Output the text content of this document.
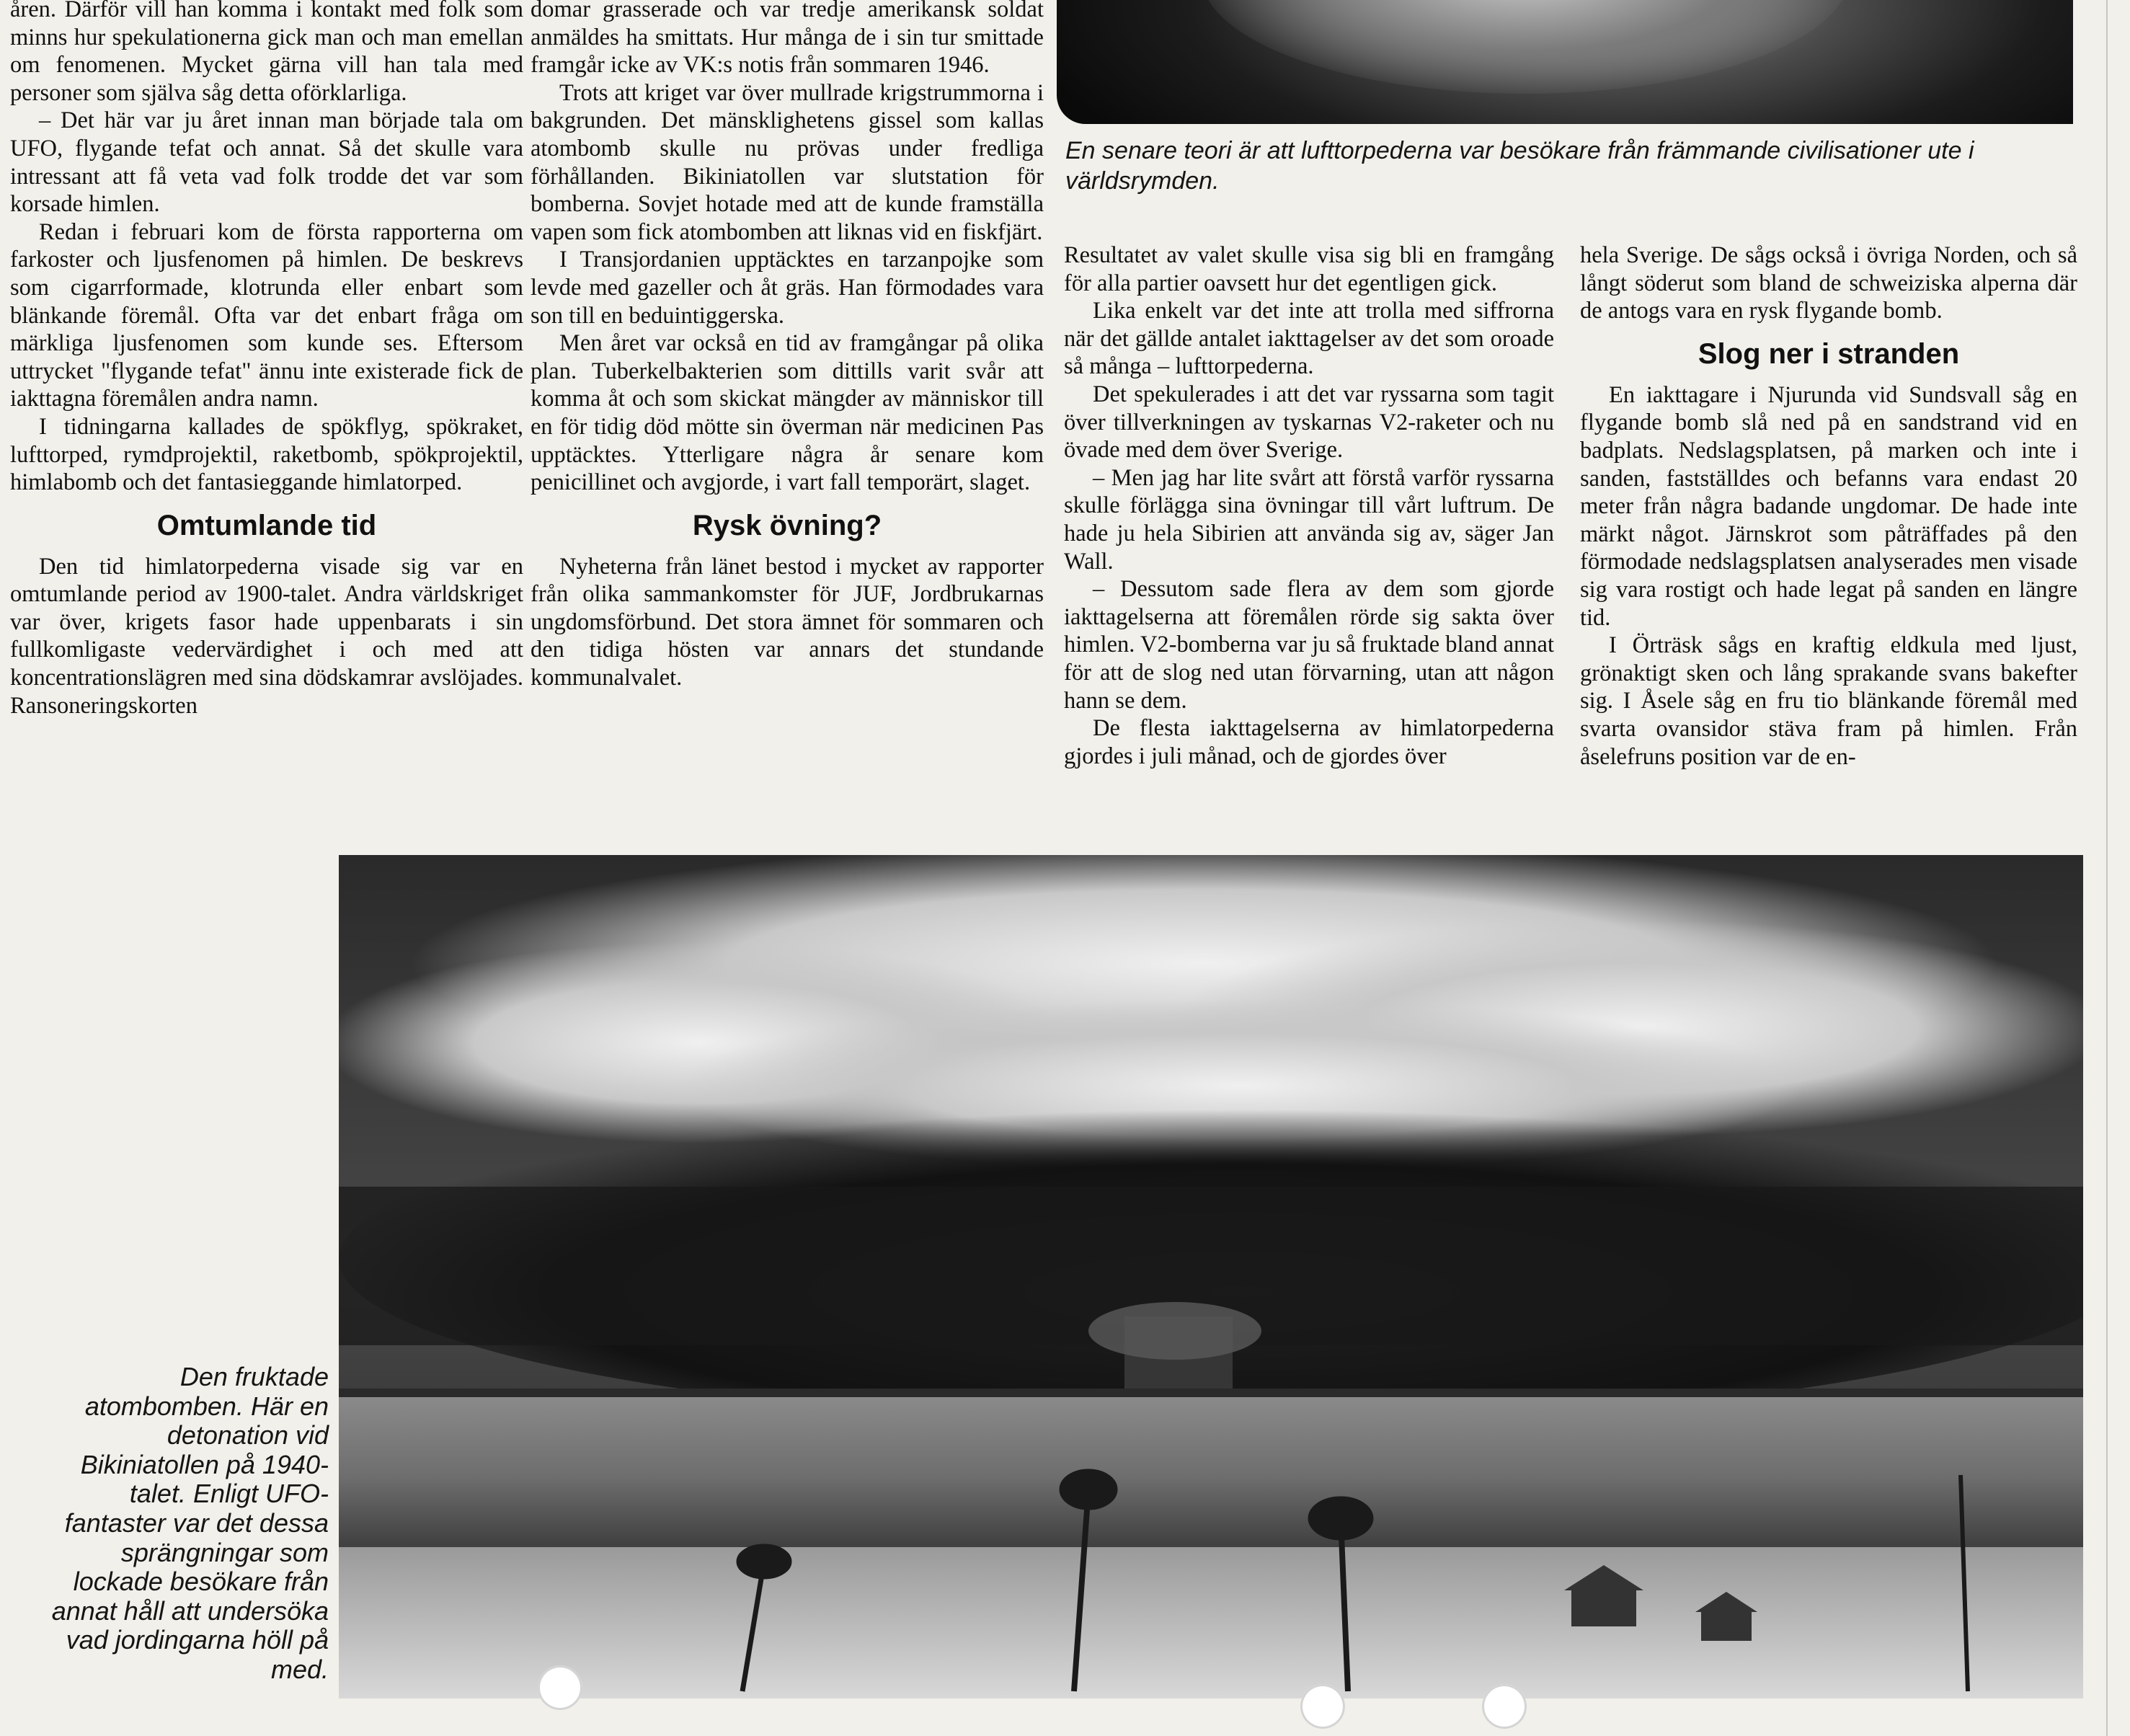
En senare teori är att lufttorpederna var besökare från främmande civilisationer ute i världsrymden.

åren. Därför vill han komma i kontakt med folk som minns hur spekulationerna gick man och man emellan om fenomenen. Mycket gärna vill han tala med personer som själva såg detta oförklarliga.

– Det här var ju året innan man började tala om UFO, flygande tefat och annat. Så det skulle vara intressant att få veta vad folk trodde det var som korsade himlen.

Redan i februari kom de första rapporterna om farkoster och ljusfenomen på himlen. De beskrevs som cigarrformade, klotrunda eller enbart som blänkande föremål. Ofta var det enbart fråga om märkliga ljusfenomen som kunde ses. Eftersom uttrycket "flygande tefat" ännu inte existerade fick de iakttagna föremålen andra namn.

I tidningarna kallades de spökflyg, spökraket, lufttorped, rymdprojektil, raketbomb, spökprojektil, himlabomb och det fantasieggande himlatorped.

Omtumlande tid

Den tid himlatorpederna visade sig var en omtumlande period av 1900-talet. Andra världskriget var över, krigets fasor hade uppenbarats i sin fullkomligaste vedervärdighet i och med att koncentrationslägren med sina dödskamrar avslöjades. Ransoneringskorten

domar grasserade och var tredje amerikansk soldat anmäldes ha smittats. Hur många de i sin tur smittade framgår icke av VK:s notis från sommaren 1946.

Trots att kriget var över mullrade krigstrummorna i bakgrunden. Det mänsklighetens gissel som kallas atombomb skulle nu prövas under fredliga förhållanden. Bikiniatollen var slutstation för bomberna. Sovjet hotade med att de kunde framställa vapen som fick atombomben att liknas vid en fiskfjärt.

I Transjordanien upptäcktes en tarzanpojke som levde med gazeller och åt gräs. Han förmodades vara son till en beduintiggerska.

Men året var också en tid av framgångar på olika plan. Tuberkelbakterien som dittills varit svår att komma åt och som skickat mängder av människor till en för tidig död mötte sin överman när medicinen Pas upptäcktes. Ytterligare några år senare kom penicillinet och avgjorde, i vart fall temporärt, slaget.

Rysk övning?

Nyheterna från länet bestod i mycket av rapporter från olika sammankomster för JUF, Jordbrukarnas ungdomsförbund. Det stora ämnet för sommaren och den tidiga hösten var annars det stundande kommunalvalet.

Resultatet av valet skulle visa sig bli en framgång för alla partier oavsett hur det egentligen gick.

Lika enkelt var det inte att trolla med siffrorna när det gällde antalet iakttagelser av det som oroade så många – lufttorpederna.

Det spekulerades i att det var ryssarna som tagit över tillverkningen av tyskarnas V2-raketer och nu övade med dem över Sverige.

– Men jag har lite svårt att förstå varför ryssarna skulle förlägga sina övningar till vårt luftrum. De hade ju hela Sibirien att använda sig av, säger Jan Wall.

– Dessutom sade flera av dem som gjorde iakttagelserna att föremålen rörde sig sakta över himlen. V2-bomberna var ju så fruktade bland annat för att de slog ned utan förvarning, utan att någon hann se dem.

De flesta iakttagelserna av himlatorpederna gjordes i juli månad, och de gjordes över

hela Sverige. De sågs också i övriga Norden, och så långt söderut som bland de schweiziska alperna där de antogs vara en rysk flygande bomb.

Slog ner i stranden

En iakttagare i Njurunda vid Sundsvall såg en flygande bomb slå ned på en sandstrand vid en badplats. Nedslagsplatsen, på marken och inte i sanden, fastställdes och befanns vara endast 20 meter från några badande ungdomar. De hade inte märkt något. Järnskrot som påträffades på den förmodade nedslagsplatsen analyserades men visade sig vara rostigt och hade legat på sanden en längre tid.

I Örträsk sågs en kraftig eldkula med ljust, grönaktigt sken och lång sprakande svans bakefter sig. I Åsele såg en fru tio blänkande föremål med svarta ovansidor stäva fram på himlen. Från åselefruns position var de en-

Den fruktade atombomben. Här en detonation vid Bikiniatollen på 1940-talet. Enligt UFO-fantaster var det dessa sprängningar som lockade besökare från annat håll att undersöka vad jordingarna höll på med.
